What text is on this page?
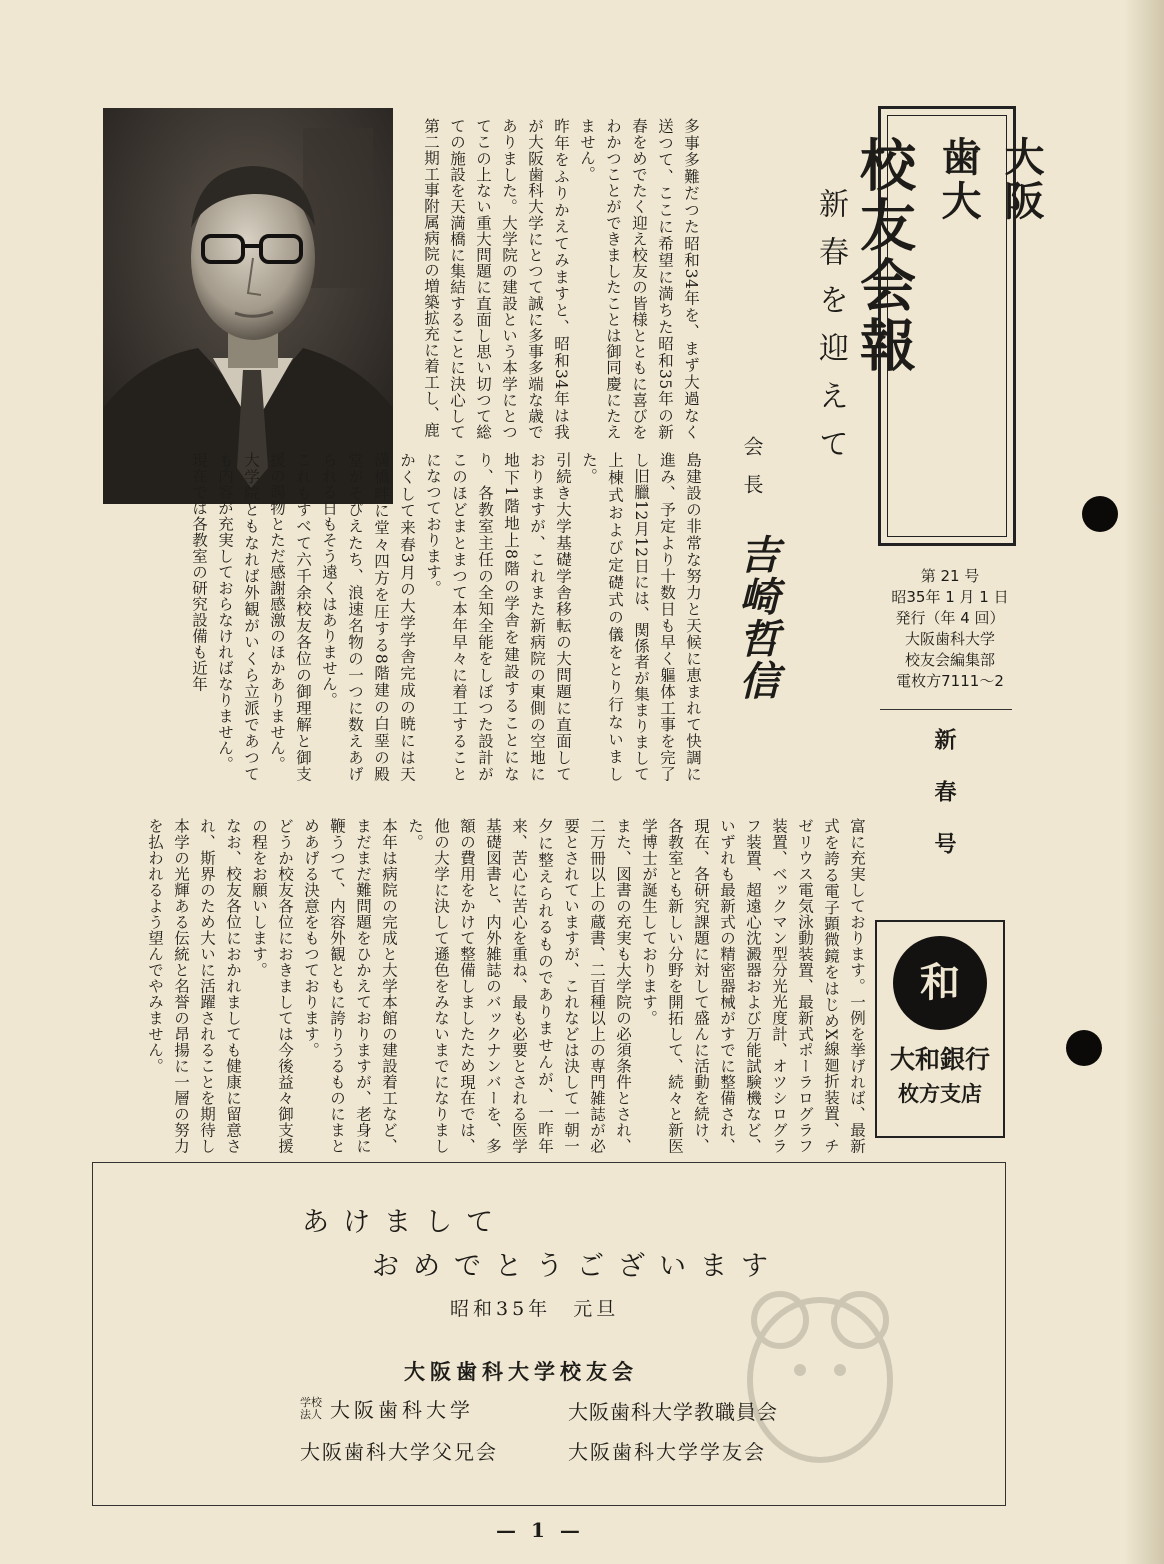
大阪
歯大
校友会報
第 21 号
昭35年 1 月 1 日
発行（年 4 回）
大阪歯科大学
校友会編集部
電枚方7111〜2
新春号
和
大和銀行
枚方支店
新春を迎えて
会長
吉崎哲信

多事多難だつた昭和34年を、まず大過なく送つて、ここに希望に満ちた昭和35年の新春をめでたく迎え校友の皆様とともに喜びをわかつことができましたことは御同慶にたえません。

昨年をふりかえてみますと、昭和34年は我が大阪歯科大学にとつて誠に多事多端な歳でありました。大学院の建設という本学にとつてこの上ない重大問題に直面し思い切つて総ての施設を天満橋に集結することに決心して第二期工事附属病院の増築拡充に着工し、鹿

島建設の非常な努力と天候に恵まれて快調に進み、予定より十数日も早く軀体工事を完了し旧臘12月12日には、関係者が集まりまして上棟式および定礎式の儀をとり行ないました。

引続き大学基礎学舎移転の大問題に直面しておりますが、これまた新病院の東側の空地に地下1階地上8階の学舎を建設することになり、各教室主任の全知全能をしぼつた設計がこのほどまとまつて本年早々に着工することになつております。

かくして来春3月の大学学舎完成の暁には天満橋畔に堂々四方を圧する8階建の白堊の殿堂がそびえたち、浪速名物の一つに数えあげられる日もそう遠くはありません。

これもすべて六千余校友各位の御理解と御支援の賜物とただ感謝感激のほかありません。

大学院ともなれば外観がいくら立派であつても内容が充実しておらなければなりません。

現在では各教室の研究設備も近年

富に充実しております。一例を挙げれば、最新式を誇る電子顕微鏡をはじめX線廻折装置、チゼリウス電気泳動装置、最新式ポーラログラフ装置、ベックマン型分光光度計、オツシログラフ装置、超遠心沈澱器および万能試験機など、いずれも最新式の精密器械がすでに整備され、現在、各研究課題に対して盛んに活動を続け、各教室とも新しい分野を開拓して、続々と新医学博士が誕生しております。

また、図書の充実も大学院の必須条件とされ、二万冊以上の蔵書、二百種以上の専門雑誌が必要とされていますが、これなどは決して一朝一夕に整えられるものでありませんが、一昨年来、苦心に苦心を重ね、最も必要とされる医学基礎図書と、内外雑誌のバックナンバーを、多額の費用をかけて整備しましたため現在では、他の大学に決して遜色をみないまでになりました。

本年は病院の完成と大学本館の建設着工など、まだまだ難問題をひかえておりますが、老身に鞭うつて、内容外観ともに誇りうるものにまとめあげる決意をもつております。

どうか校友各位におきましては今後益々御支援の程をお願いします。

なお、校友各位におかれましても健康に留意され、斯界のため大いに活躍されることを期待し本学の光輝ある伝統と名誉の昂揚に一層の努力を払われるよう望んでやみません。

あけまして
おめでとうございます
昭和35年 元旦
大阪歯科大学校友会
学校
法人 大阪歯科大学	大阪歯科大学教職員会
大阪歯科大学父兄会	大阪歯科大学学友会
— 1 —
